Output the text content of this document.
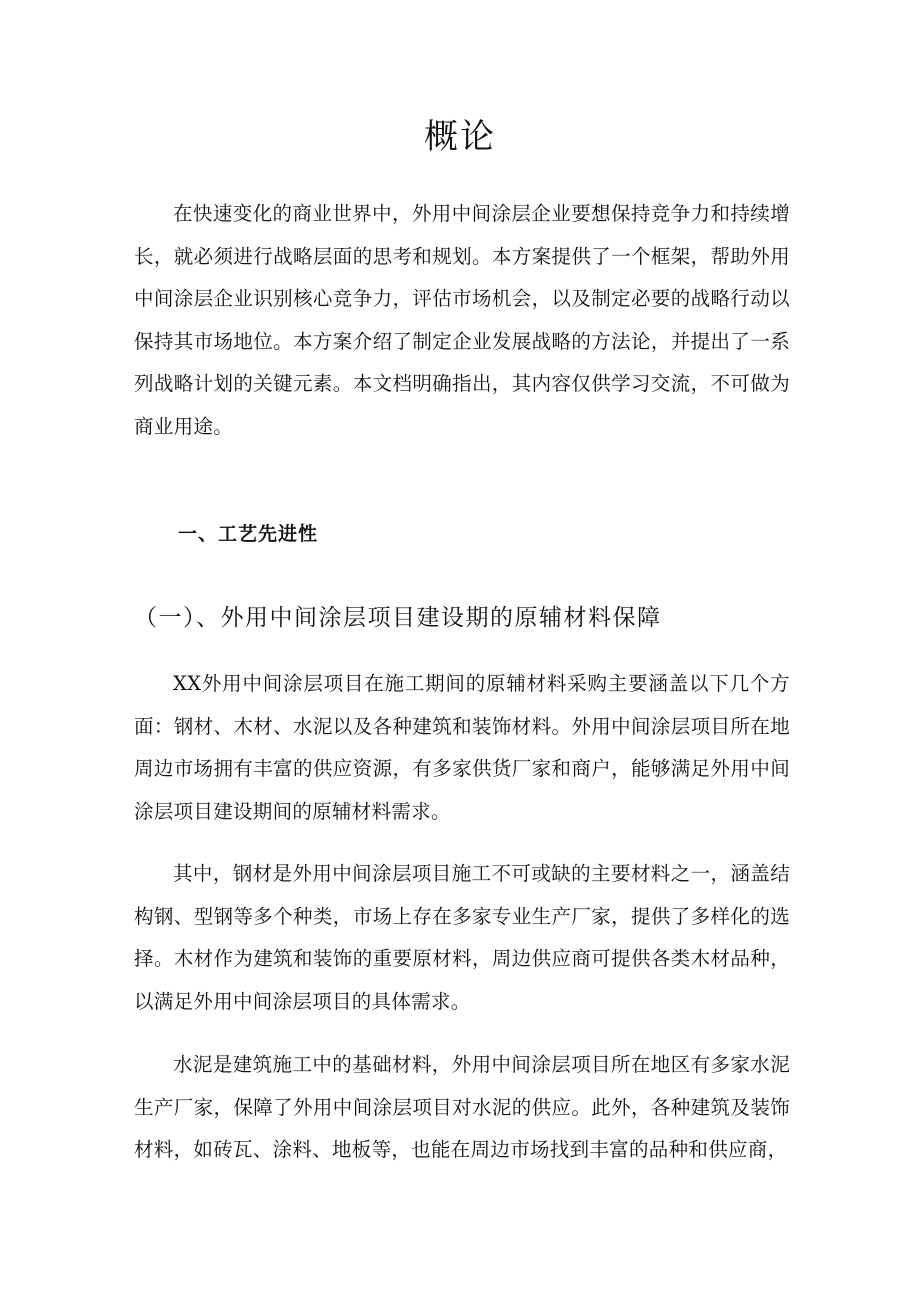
概论

在快速变化的商业世界中，外用中间涂层企业要想保持竞争力和持续增长，就必须进行战略层面的思考和规划。本方案提供了一个框架，帮助外用中间涂层企业识别核心竞争力，评估市场机会，以及制定必要的战略行动以保持其市场地位。本方案介绍了制定企业发展战略的方法论，并提出了一系列战略计划的关键元素。本文档明确指出，其内容仅供学习交流，不可做为商业用途。

一、工艺先进性
（一）、外用中间涂层项目建设期的原辅材料保障

XX外用中间涂层项目在施工期间的原辅材料采购主要涵盖以下几个方面：钢材、木材、水泥以及各种建筑和装饰材料。外用中间涂层项目所在地周边市场拥有丰富的供应资源，有多家供货厂家和商户，能够满足外用中间涂层项目建设期间的原辅材料需求。

其中，钢材是外用中间涂层项目施工不可或缺的主要材料之一，涵盖结构钢、型钢等多个种类，市场上存在多家专业生产厂家，提供了多样化的选择。木材作为建筑和装饰的重要原材料，周边供应商可提供各类木材品种，以满足外用中间涂层项目的具体需求。

水泥是建筑施工中的基础材料，外用中间涂层项目所在地区有多家水泥生产厂家，保障了外用中间涂层项目对水泥的供应。此外，各种建筑及装饰材料，如砖瓦、涂料、地板等，也能在周边市场找到丰富的品种和供应商，
